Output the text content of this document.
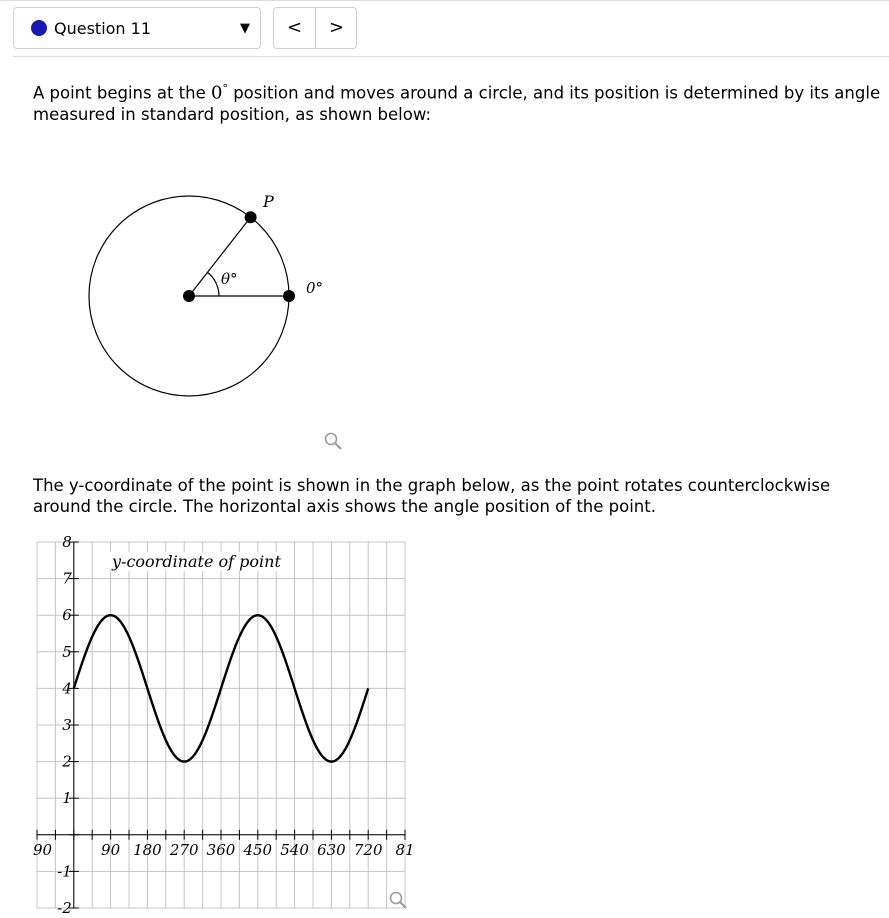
Question 11	▼	<	>
A point begins at the 0° position and moves around a circle, and its position is determined by its angle measured in standard position, as shown below:
P
θ°	0°
The y-coordinate of the point is shown in the graph below, as the point rotates counterclockwise around the circle. The horizontal axis shows the angle position of the point.
8
7
6
5
4
3
2
1
-1
-2
90	90 180 270 360 450 540 630 720 81
y-coordinate of point
